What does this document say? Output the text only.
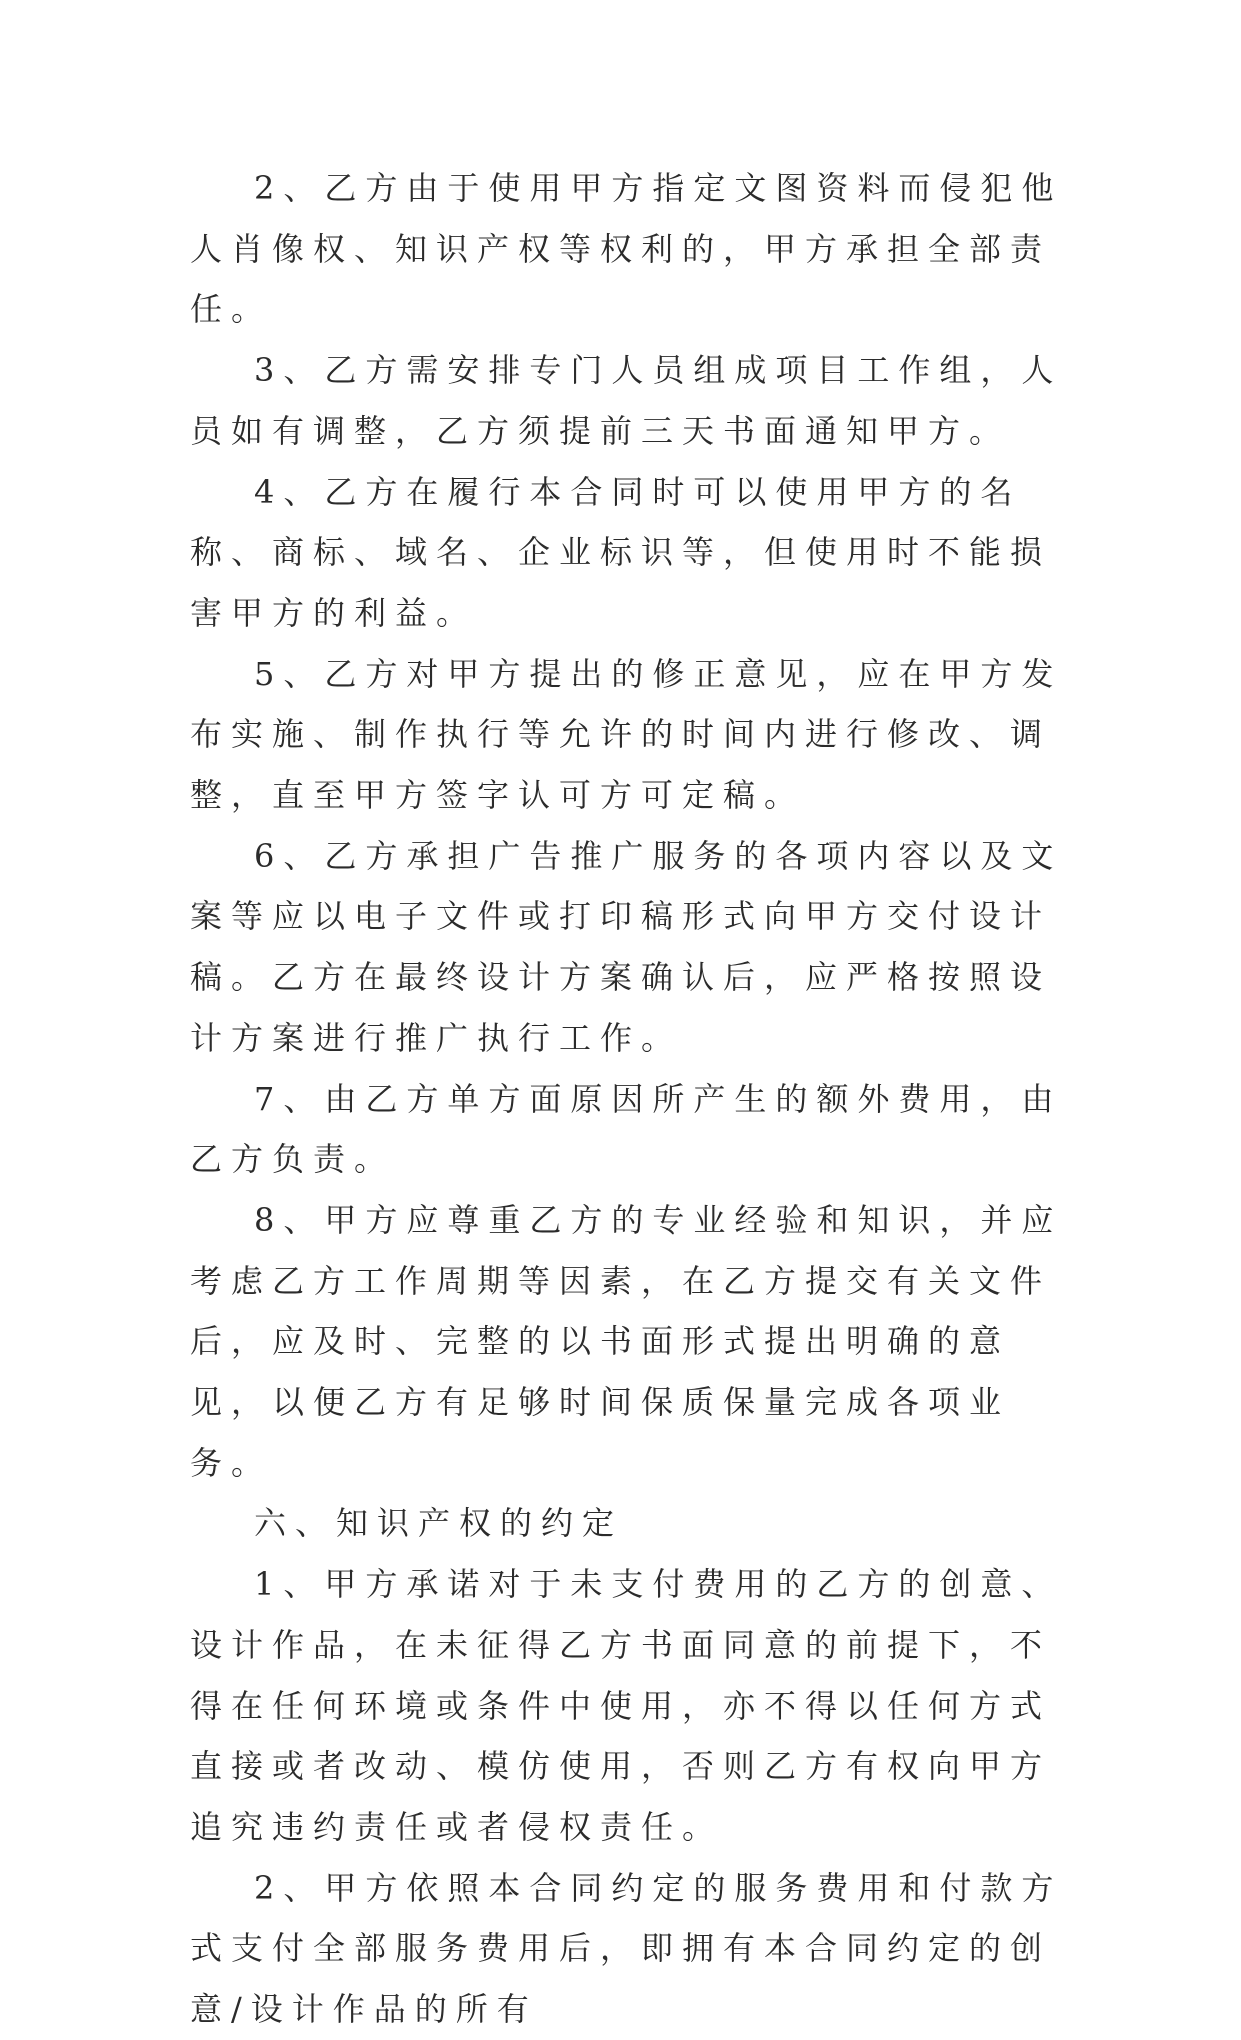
2、乙方由于使用甲方指定文图资料而侵犯他人肖像权、知识产权等权利的，甲方承担全部责任。

3、乙方需安排专门人员组成项目工作组，人员如有调整，乙方须提前三天书面通知甲方。

4、乙方在履行本合同时可以使用甲方的名称、商标、域名、企业标识等，但使用时不能损害甲方的利益。

5、乙方对甲方提出的修正意见，应在甲方发布实施、制作执行等允许的时间内进行修改、调整，直至甲方签字认可方可定稿。

6、乙方承担广告推广服务的各项内容以及文案等应以电子文件或打印稿形式向甲方交付设计稿。乙方在最终设计方案确认后，应严格按照设计方案进行推广执行工作。

7、由乙方单方面原因所产生的额外费用，由乙方负责。

8、甲方应尊重乙方的专业经验和知识，并应考虑乙方工作周期等因素，在乙方提交有关文件后，应及时、完整的以书面形式提出明确的意见，以便乙方有足够时间保质保量完成各项业务。

六、知识产权的约定

1、甲方承诺对于未支付费用的乙方的创意、设计作品，在未征得乙方书面同意的前提下，不得在任何环境或条件中使用，亦不得以任何方式直接或者改动、模仿使用，否则乙方有权向甲方追究违约责任或者侵权责任。

2、甲方依照本合同约定的服务费用和付款方式支付全部服务费用后，即拥有本合同约定的创意/设计作品的所有
